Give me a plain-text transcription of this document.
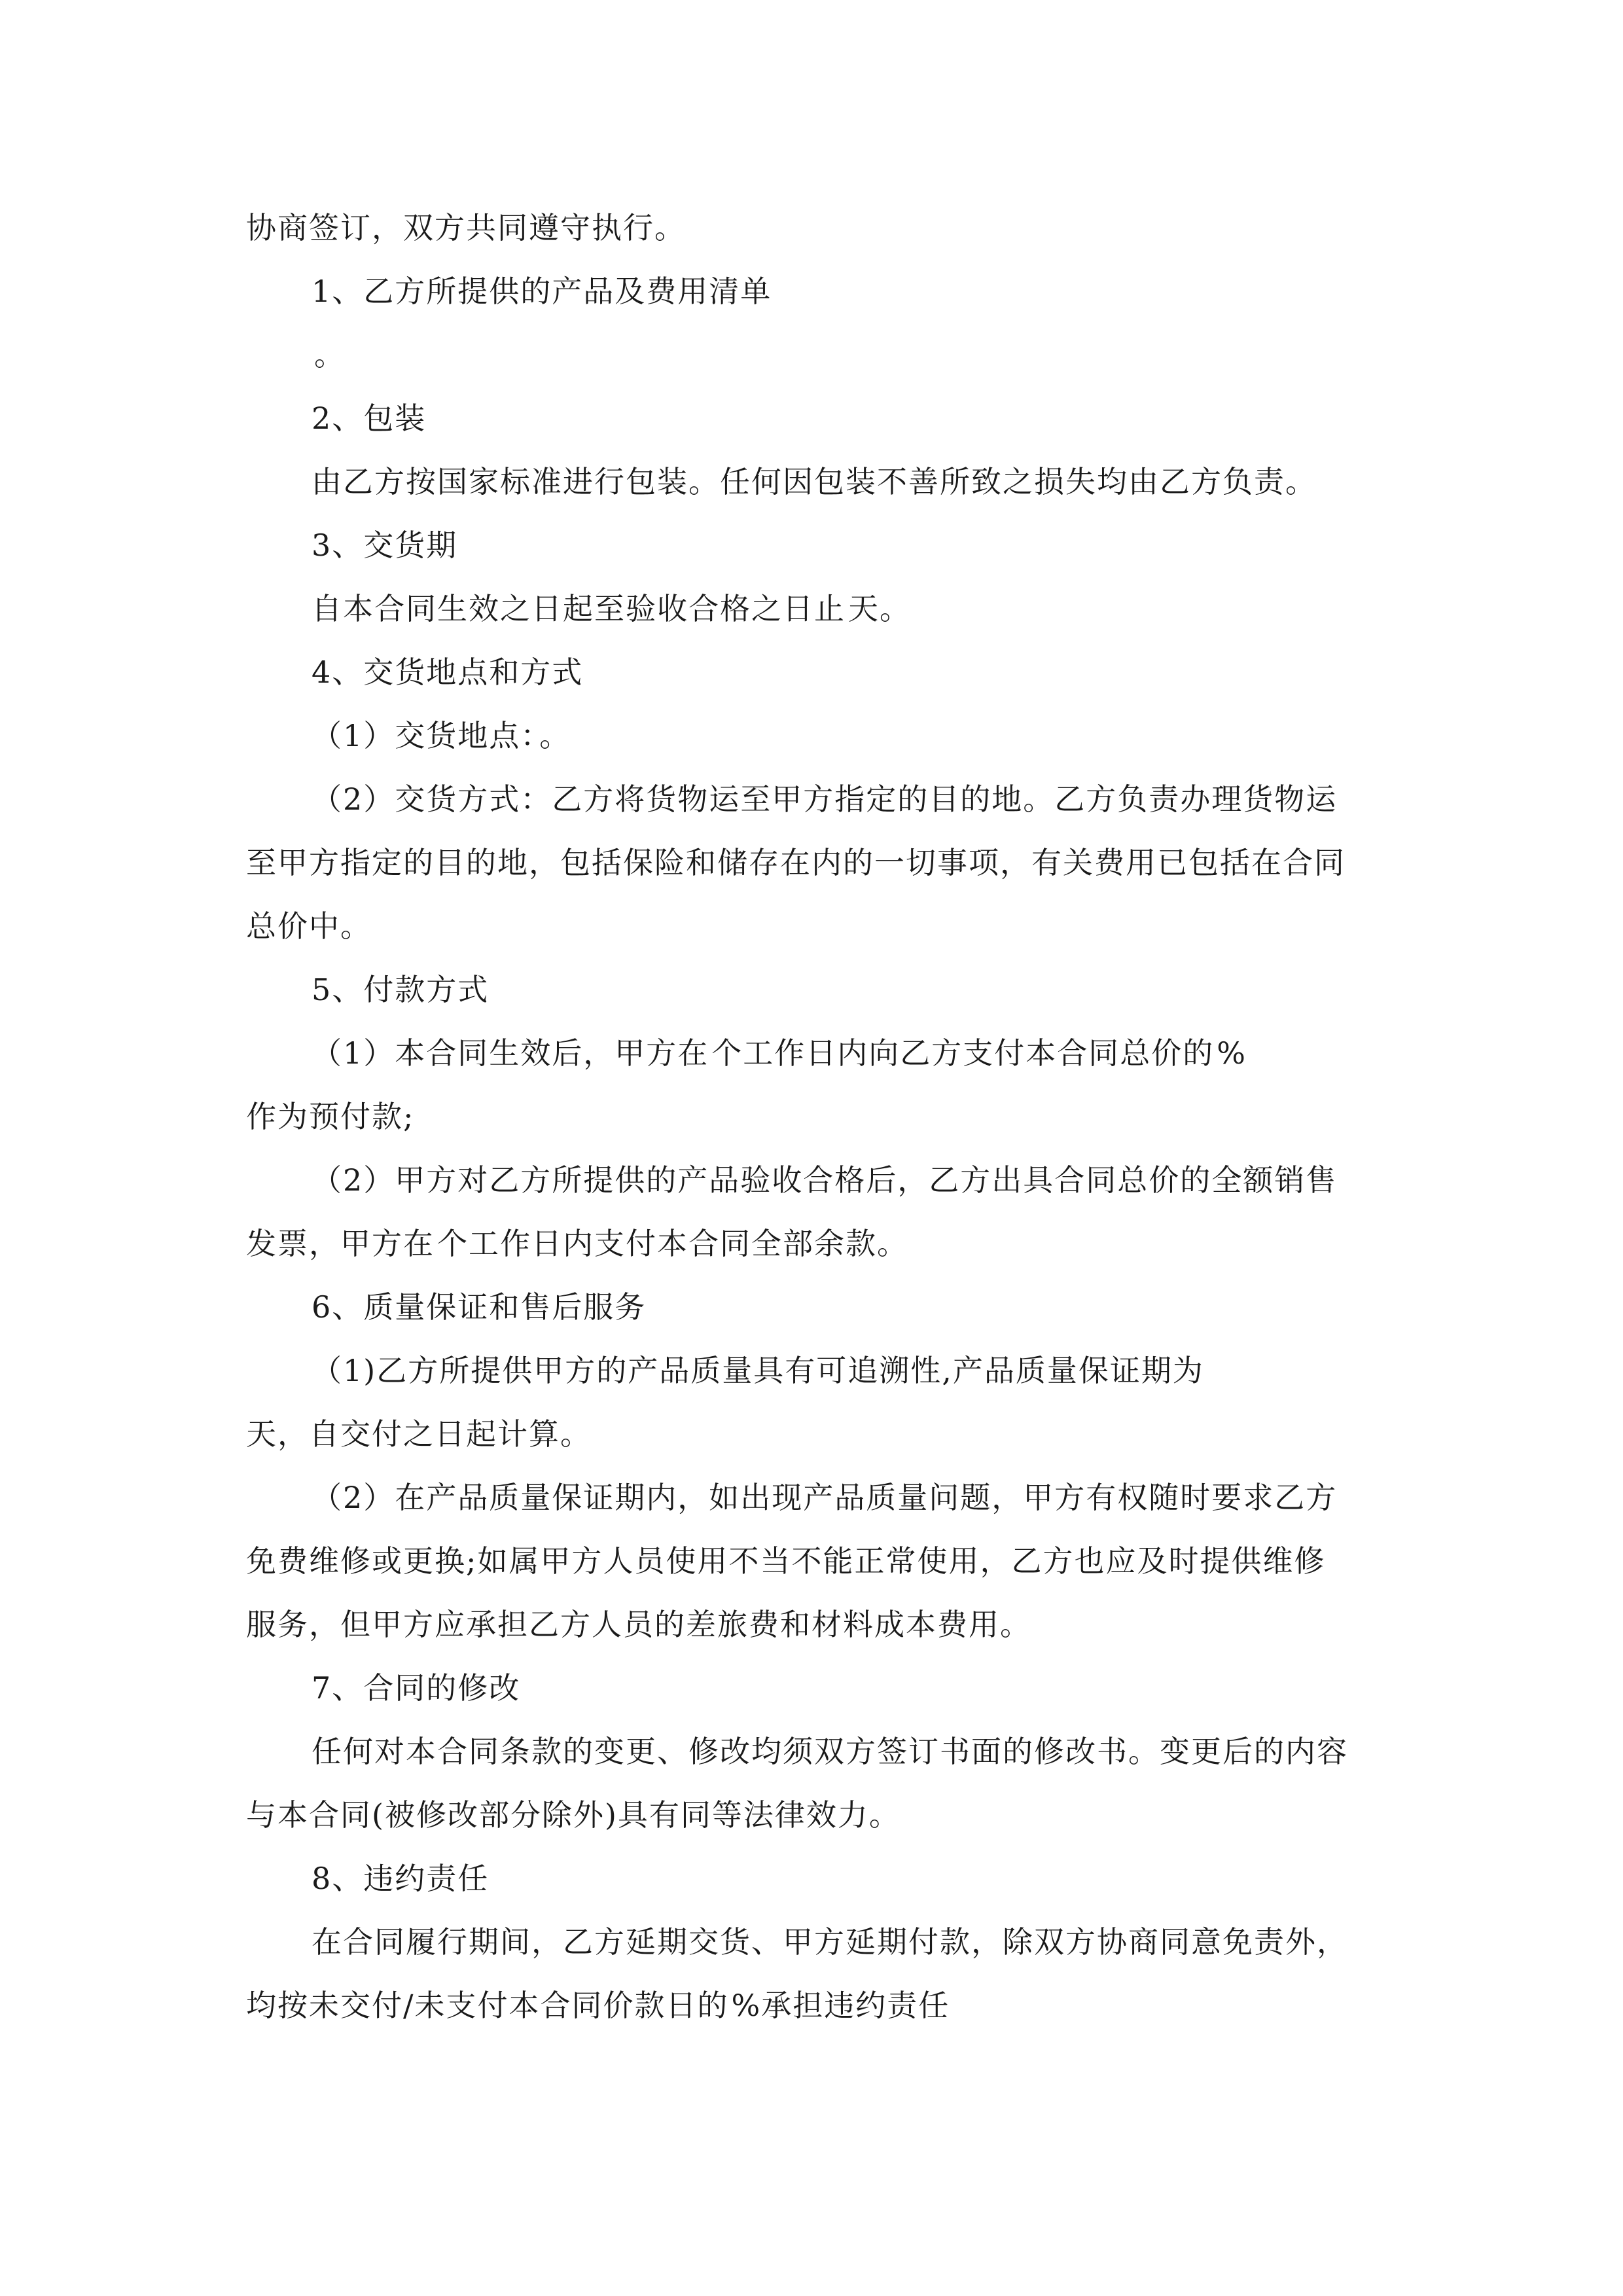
协商签订，双方共同遵守执行。
1、乙方所提供的产品及费用清单
。
2、包装
由乙方按国家标准进行包装。任何因包装不善所致之损失均由乙方负责。
3、交货期
自本合同生效之日起至验收合格之日止天。
4、交货地点和方式
（1）交货地点：。
（2）交货方式：乙方将货物运至甲方指定的目的地。乙方负责办理货物运
至甲方指定的目的地，包括保险和储存在内的一切事项，有关费用已包括在合同
总价中。
5、付款方式
（1）本合同生效后，甲方在个工作日内向乙方支付本合同总价的%
作为预付款;
（2）甲方对乙方所提供的产品验收合格后，乙方出具合同总价的全额销售
发票，甲方在个工作日内支付本合同全部余款。
6、质量保证和售后服务
（1)乙方所提供甲方的产品质量具有可追溯性,产品质量保证期为
天，自交付之日起计算。
（2）在产品质量保证期内，如出现产品质量问题，甲方有权随时要求乙方
免费维修或更换;如属甲方人员使用不当不能正常使用，乙方也应及时提供维修
服务，但甲方应承担乙方人员的差旅费和材料成本费用。
7、合同的修改
任何对本合同条款的变更、修改均须双方签订书面的修改书。变更后的内容
与本合同(被修改部分除外)具有同等法律效力。
8、违约责任
在合同履行期间，乙方延期交货、甲方延期付款，除双方协商同意免责外，
均按未交付/未支付本合同价款日的%承担违约责任
